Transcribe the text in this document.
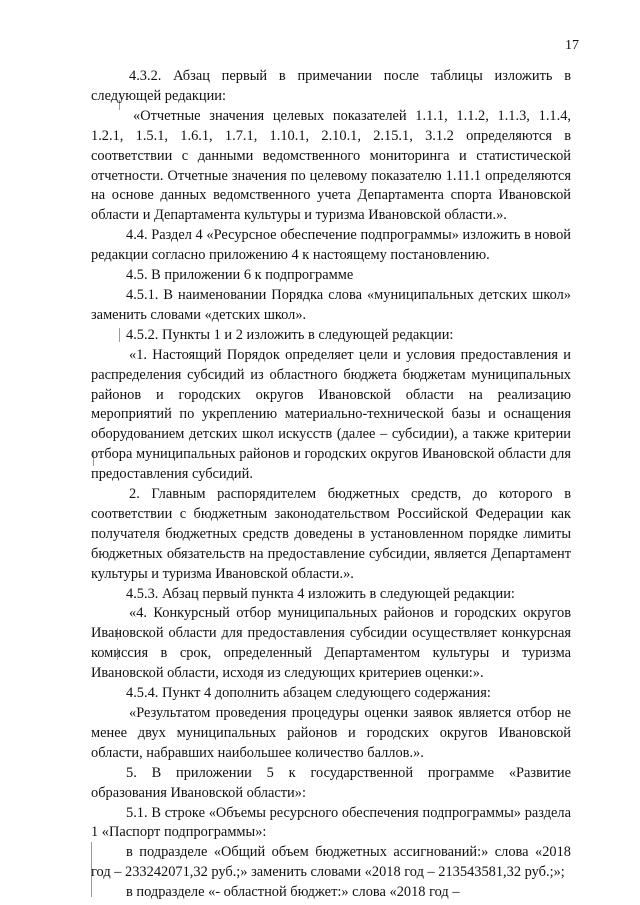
17

4.3.2. Абзац первый в примечании после таблицы изложить в следующей редакции:

«Отчетные значения целевых показателей 1.1.1, 1.1.2, 1.1.3, 1.1.4, 1.2.1, 1.5.1, 1.6.1, 1.7.1, 1.10.1, 2.10.1, 2.15.1, 3.1.2 определяются в соответствии с данными ведомственного мониторинга и статистической отчетности. Отчетные значения по целевому показателю 1.11.1 определяются на основе данных ведомственного учета Департамента спорта Ивановской области и Департамента культуры и туризма Ивановской области.».

4.4. Раздел 4 «Ресурсное обеспечение подпрограммы» изложить в новой редакции согласно приложению 4 к настоящему постановлению.

4.5. В приложении 6 к подпрограмме

4.5.1. В наименовании Порядка слова «муниципальных детских школ» заменить словами «детских школ».

4.5.2. Пункты 1 и 2 изложить в следующей редакции:

«1. Настоящий Порядок определяет цели и условия предоставления и распределения субсидий из областного бюджета бюджетам муниципальных районов и городских округов Ивановской области на реализацию мероприятий по укреплению материально-технической базы и оснащения оборудованием детских школ искусств (далее – субсидии), а также критерии отбора муниципальных районов и городских округов Ивановской области для предоставления субсидий.

2. Главным распорядителем бюджетных средств, до которого в соответствии с бюджетным законодательством Российской Федерации как получателя бюджетных средств доведены в установленном порядке лимиты бюджетных обязательств на предоставление субсидии, является Департамент культуры и туризма Ивановской области.».

4.5.3. Абзац первый пункта 4 изложить в следующей редакции:

«4. Конкурсный отбор муниципальных районов и городских округов Ивановской области для предоставления субсидии осуществляет конкурсная комиссия в срок, определенный Департаментом культуры и туризма Ивановской области, исходя из следующих критериев оценки:».

4.5.4. Пункт 4 дополнить абзацем следующего содержания:

«Результатом проведения процедуры оценки заявок является отбор не менее двух муниципальных районов и городских округов Ивановской области, набравших наибольшее количество баллов.».

5. В приложении 5 к государственной программе «Развитие образования Ивановской области»:

5.1. В строке «Объемы ресурсного обеспечения подпрограммы» раздела 1 «Паспорт подпрограммы»:

в подразделе «Общий объем бюджетных ассигнований:» слова «2018 год – 233242071,32 руб.;» заменить словами «2018 год – 213543581,32 руб.;»;

в подразделе «- областной бюджет:» слова «2018 год –
